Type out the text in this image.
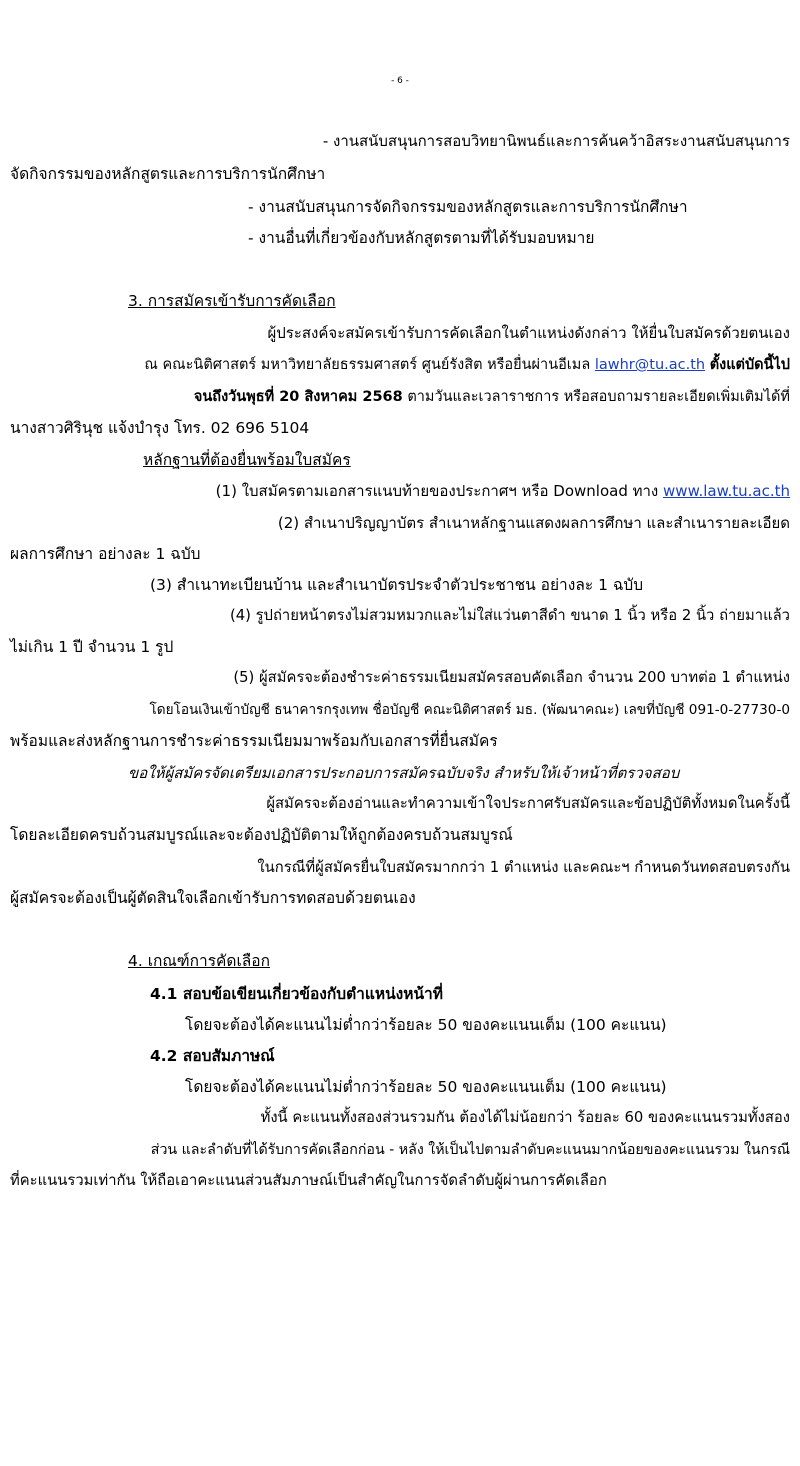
- 6 -
- งานสนับสนุนการสอบวิทยานิพนธ์และการค้นคว้าอิสระงานสนับสนุนการ
จัดกิจกรรมของหลักสูตรและการบริการนักศึกษา
- งานสนับสนุนการจัดกิจกรรมของหลักสูตรและการบริการนักศึกษา
- งานอื่นที่เกี่ยวข้องกับหลักสูตรตามที่ได้รับมอบหมาย
3. การสมัครเข้ารับการคัดเลือก
ผู้ประสงค์จะสมัครเข้ารับการคัดเลือกในตำแหน่งดังกล่าว ให้ยื่นใบสมัครด้วยตนเอง
ณ คณะนิติศาสตร์ มหาวิทยาลัยธรรมศาสตร์ ศูนย์รังสิต หรือยื่นผ่านอีเมล lawhr@tu.ac.th ตั้งแต่บัดนี้ไป
จนถึงวันพุธที่ 20 สิงหาคม 2568 ตามวันและเวลาราชการ หรือสอบถามรายละเอียดเพิ่มเติมได้ที่
นางสาวศิรินุช แจ้งบำรุง โทร. 02 696 5104
หลักฐานที่ต้องยื่นพร้อมใบสมัคร
(1) ใบสมัครตามเอกสารแนบท้ายของประกาศฯ หรือ Download ทาง www.law.tu.ac.th
(2) สำเนาปริญญาบัตร สำเนาหลักฐานแสดงผลการศึกษา และสำเนารายละเอียด
ผลการศึกษา อย่างละ 1 ฉบับ
(3) สำเนาทะเบียนบ้าน และสำเนาบัตรประจำตัวประชาชน อย่างละ 1 ฉบับ
(4) รูปถ่ายหน้าตรงไม่สวมหมวกและไม่ใส่แว่นตาสีดำ ขนาด 1 นิ้ว หรือ 2 นิ้ว ถ่ายมาแล้ว
ไม่เกิน 1 ปี จำนวน 1 รูป
(5) ผู้สมัครจะต้องชำระค่าธรรมเนียมสมัครสอบคัดเลือก จำนวน 200 บาทต่อ 1 ตำแหน่ง
โดยโอนเงินเข้าบัญชี ธนาคารกรุงเทพ ชื่อบัญชี คณะนิติศาสตร์ มธ. (พัฒนาคณะ) เลขที่บัญชี 091-0-27730-0
พร้อมและส่งหลักฐานการชำระค่าธรรมเนียมมาพร้อมกับเอกสารที่ยื่นสมัคร
ขอให้ผู้สมัครจัดเตรียมเอกสารประกอบการสมัครฉบับจริง สำหรับให้เจ้าหน้าที่ตรวจสอบ
ผู้สมัครจะต้องอ่านและทำความเข้าใจประกาศรับสมัครและข้อปฏิบัติทั้งหมดในครั้งนี้
โดยละเอียดครบถ้วนสมบูรณ์และจะต้องปฏิบัติตามให้ถูกต้องครบถ้วนสมบูรณ์
ในกรณีที่ผู้สมัครยื่นใบสมัครมากกว่า 1 ตำแหน่ง และคณะฯ กำหนดวันทดสอบตรงกัน
ผู้สมัครจะต้องเป็นผู้ตัดสินใจเลือกเข้ารับการทดสอบด้วยตนเอง
4. เกณฑ์การคัดเลือก
4.1 สอบข้อเขียนเกี่ยวข้องกับตำแหน่งหน้าที่
โดยจะต้องได้คะแนนไม่ต่ำกว่าร้อยละ 50 ของคะแนนเต็ม (100 คะแนน)
4.2 สอบสัมภาษณ์
โดยจะต้องได้คะแนนไม่ต่ำกว่าร้อยละ 50 ของคะแนนเต็ม (100 คะแนน)
ทั้งนี้ คะแนนทั้งสองส่วนรวมกัน ต้องได้ไม่น้อยกว่า ร้อยละ 60 ของคะแนนรวมทั้งสอง
ส่วน และลำดับที่ได้รับการคัดเลือกก่อน - หลัง ให้เป็นไปตามลำดับคะแนนมากน้อยของคะแนนรวม ในกรณี
ที่คะแนนรวมเท่ากัน ให้ถือเอาคะแนนส่วนสัมภาษณ์เป็นสำคัญในการจัดลำดับผู้ผ่านการคัดเลือก
